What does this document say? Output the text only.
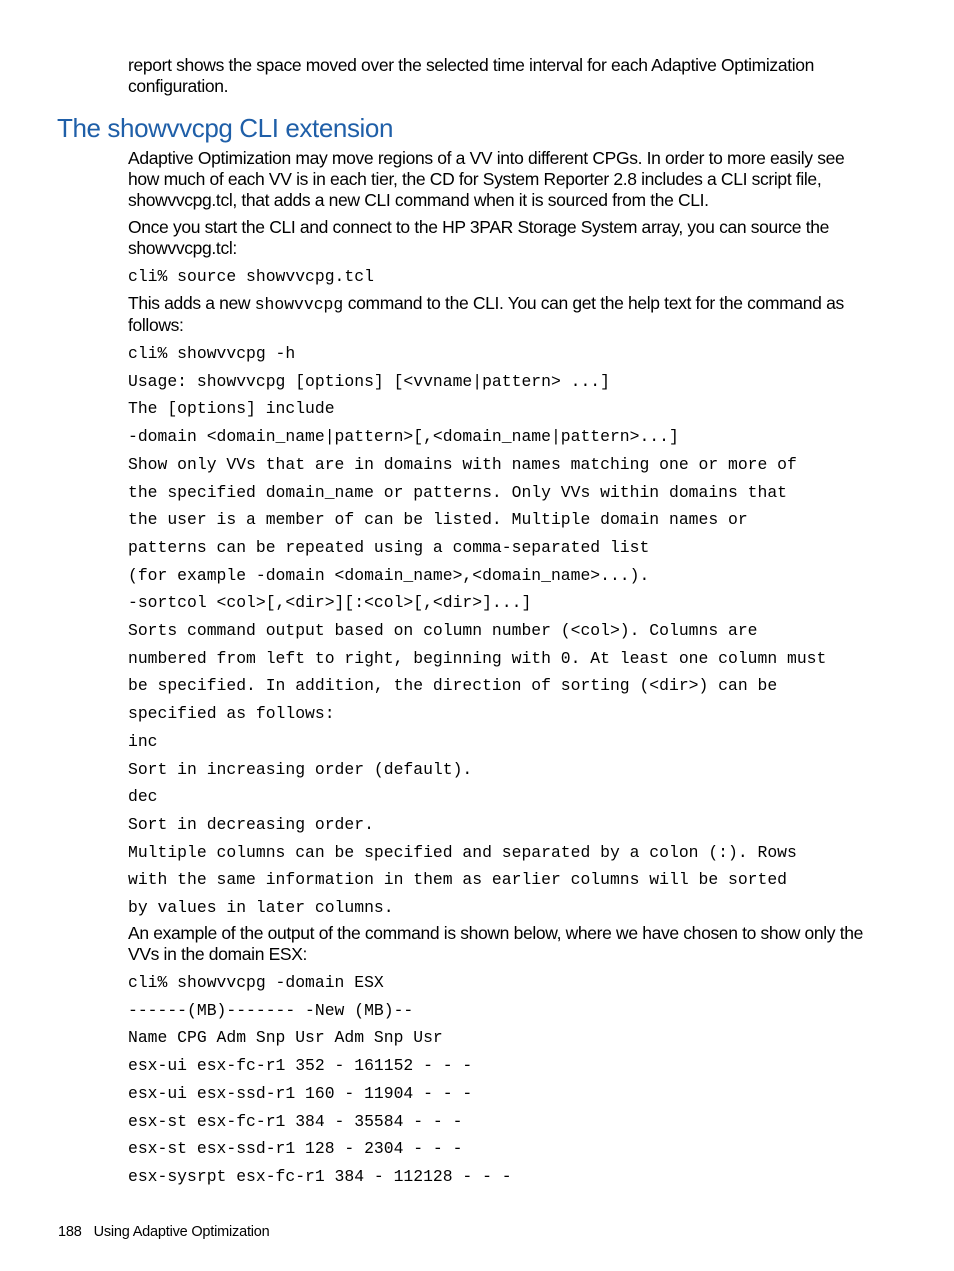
report shows the space moved over the selected time interval for each Adaptive Optimization configuration.

The showvvcpg CLI extension

Adaptive Optimization may move regions of a VV into different CPGs. In order to more easily see how much of each VV is in each tier, the CD for System Reporter 2.8 includes a CLI script file, showvvcpg.tcl, that adds a new CLI command when it is sourced from the CLI.

Once you start the CLI and connect to the HP 3PAR Storage System array, you can source the showvvcpg.tcl:

cli% source showvvcpg.tcl

This adds a new showvvcpg command to the CLI. You can get the help text for the command as follows:

cli% showvvcpg -h
Usage: showvvcpg [options] [<vvname|pattern> ...]
The [options] include
-domain <domain_name|pattern>[,<domain_name|pattern>...]
Show only VVs that are in domains with names matching one or more of
the specified domain_name or patterns. Only VVs within domains that
the user is a member of can be listed. Multiple domain names or
patterns can be repeated using a comma-separated list
(for example -domain <domain_name>,<domain_name>...).
-sortcol <col>[,<dir>][:<col>[,<dir>]...]
Sorts command output based on column number (<col>). Columns are
numbered from left to right, beginning with 0. At least one column must
be specified. In addition, the direction of sorting (<dir>) can be
specified as follows:
inc
Sort in increasing order (default).
dec
Sort in decreasing order.
Multiple columns can be specified and separated by a colon (:). Rows
with the same information in them as earlier columns will be sorted
by values in later columns.

An example of the output of the command is shown below, where we have chosen to show only the VVs in the domain ESX:

cli% showvvcpg -domain ESX
------(MB)------- -New (MB)--
Name CPG Adm Snp Usr Adm Snp Usr
esx-ui esx-fc-r1 352 - 161152 - - -
esx-ui esx-ssd-r1 160 - 11904 - - -
esx-st esx-fc-r1 384 - 35584 - - -
esx-st esx-ssd-r1 128 - 2304 - - -
esx-sysrpt esx-fc-r1 384 - 112128 - - -
188 Using Adaptive Optimization
